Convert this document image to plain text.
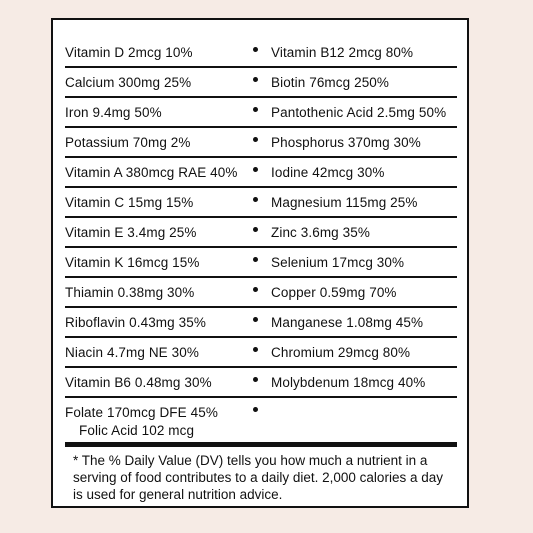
Vitamin D 2mcg 10%	Vitamin B12 2mcg 80%
Calcium 300mg 25%	Biotin 76mcg 250%
Iron 9.4mg 50%	Pantothenic Acid 2.5mg 50%
Potassium 70mg 2%	Phosphorus 370mg 30%
Vitamin A 380mcg RAE 40% Iodine 42mcg 30%
Vitamin C 15mg 15%	Magnesium 115mg 25%
Vitamin E 3.4mg 25%	Zinc 3.6mg 35%
Vitamin K 16mcg 15%	Selenium 17mcg 30%
Thiamin 0.38mg 30%	Copper 0.59mg 70%
Riboflavin 0.43mg 35%	Manganese 1.08mg 45%
Niacin 4.7mg NE 30%	Chromium 29mcg 80%
Vitamin B6 0.48mg 30%	Molybdenum 18mcg 40%
Folate 170mcg DFE 45%
Folic Acid 102 mcg
* The % Daily Value (DV) tells you how much a nutrient in a serving of food contributes to a daily diet. 2,000 calories a day is used for general nutrition advice.
